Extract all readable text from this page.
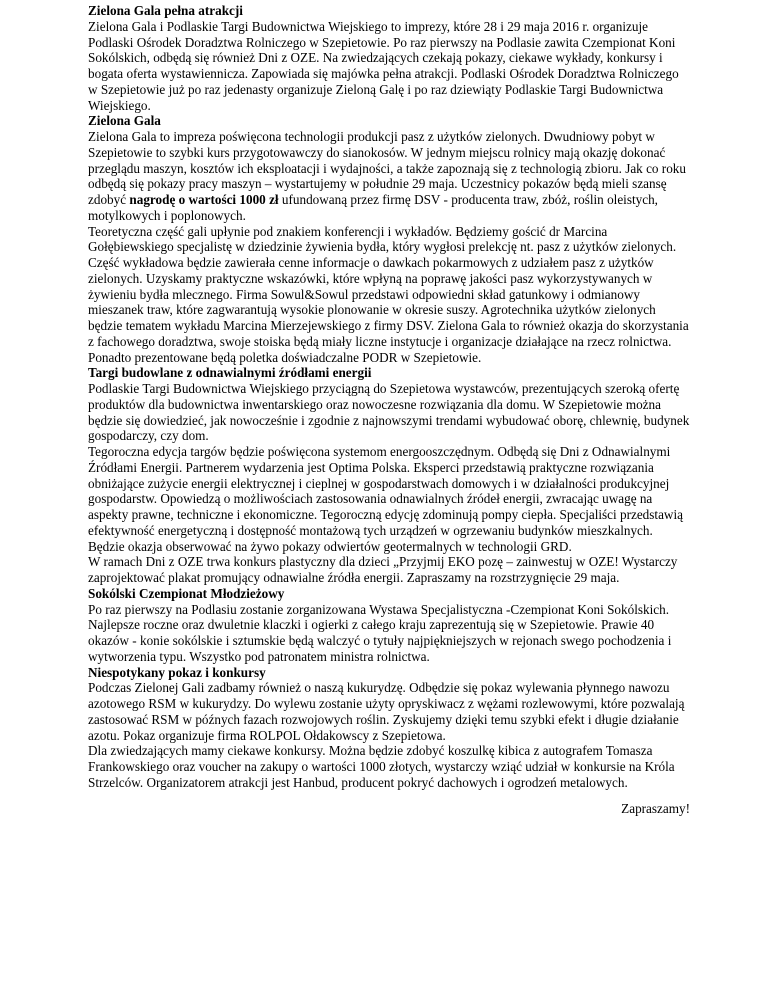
Zielona Gala pełna atrakcji

Zielona Gala i Podlaskie Targi Budownictwa Wiejskiego to imprezy, które 28 i 29 maja 2016 r. organizuje Podlaski Ośrodek Doradztwa Rolniczego w Szepietowie. Po raz pierwszy na Podlasie zawita Czempionat Koni Sokólskich, odbędą się również Dni z OZE. Na zwiedzających czekają pokazy, ciekawe wykłady, konkursy i bogata oferta wystawiennicza. Zapowiada się majówka pełna atrakcji. Podlaski Ośrodek Doradztwa Rolniczego w Szepietowie już po raz jedenasty organizuje Zieloną Galę i po raz dziewiąty Podlaskie Targi Budownictwa Wiejskiego.

Zielona Gala

Zielona Gala to impreza poświęcona technologii produkcji pasz z użytków zielonych. Dwudniowy pobyt w Szepietowie to szybki kurs przygotowawczy do sianokosów. W jednym miejscu rolnicy mają okazję dokonać przeglądu maszyn, kosztów ich eksploatacji i wydajności, a także zapoznają się z technologią zbioru. Jak co roku odbędą się pokazy pracy maszyn – wystartujemy w południe 29 maja. Uczestnicy pokazów będą mieli szansę zdobyć nagrodę o wartości 1000 zł ufundowaną przez firmę DSV - producenta traw, zbóż, roślin oleistych, motylkowych i poplonowych.

Teoretyczna część gali upłynie pod znakiem konferencji i wykładów. Będziemy gościć dr Marcina Gołębiewskiego specjalistę w dziedzinie żywienia bydła, który wygłosi prelekcję nt. pasz z użytków zielonych. Część wykładowa będzie zawierała cenne informacje o dawkach pokarmowych z udziałem pasz z użytków zielonych. Uzyskamy praktyczne wskazówki, które wpłyną na poprawę jakości pasz wykorzystywanych w żywieniu bydła mlecznego. Firma Sowul&Sowul przedstawi odpowiedni skład gatunkowy i odmianowy mieszanek traw, które zagwarantują wysokie plonowanie w okresie suszy. Agrotechnika użytków zielonych będzie tematem wykładu Marcina Mierzejewskiego z firmy DSV. Zielona Gala to również okazja do skorzystania z fachowego doradztwa, swoje stoiska będą miały liczne instytucje i organizacje działające na rzecz rolnictwa. Ponadto prezentowane będą poletka doświadczalne PODR w Szepietowie.

Targi budowlane z odnawialnymi źródłami energii

Podlaskie Targi Budownictwa Wiejskiego przyciągną do Szepietowa wystawców, prezentujących szeroką ofertę produktów dla budownictwa inwentarskiego oraz nowoczesne rozwiązania dla domu. W Szepietowie można będzie się dowiedzieć, jak nowocześnie i zgodnie z najnowszymi trendami wybudować oborę, chlewnię, budynek gospodarczy, czy dom.

Tegoroczna edycja targów będzie poświęcona systemom energooszczędnym. Odbędą się Dni z Odnawialnymi Źródłami Energii. Partnerem wydarzenia jest Optima Polska. Eksperci przedstawią praktyczne rozwiązania obniżające zużycie energii elektrycznej i cieplnej w gospodarstwach domowych i w działalności produkcyjnej gospodarstw. Opowiedzą o możliwościach zastosowania odnawialnych źródeł energii, zwracając uwagę na aspekty prawne, techniczne i ekonomiczne. Tegoroczną edycję zdominują pompy ciepła. Specjaliści przedstawią efektywność energetyczną i dostępność montażową tych urządzeń w ogrzewaniu budynków mieszkalnych. Będzie okazja obserwować na żywo pokazy odwiertów geotermalnych w technologii GRD.

W ramach Dni z OZE trwa konkurs plastyczny dla dzieci „Przyjmij EKO pozę – zainwestuj w OZE! Wystarczy zaprojektować plakat promujący odnawialne źródła energii. Zapraszamy na rozstrzygnięcie 29 maja.

Sokólski Czempionat Młodzieżowy

Po raz pierwszy na Podlasiu zostanie zorganizowana Wystawa Specjalistyczna -Czempionat Koni Sokólskich. Najlepsze roczne oraz dwuletnie klaczki i ogierki z całego kraju zaprezentują się w Szepietowie. Prawie 40 okazów - konie sokólskie i sztumskie będą walczyć o tytuły najpiękniejszych w rejonach swego pochodzenia i wytworzenia typu. Wszystko pod patronatem ministra rolnictwa.

Niespotykany pokaz i konkursy

Podczas Zielonej Gali zadbamy również o naszą kukurydzę. Odbędzie się pokaz wylewania płynnego nawozu azotowego RSM w kukurydzy. Do wylewu zostanie użyty opryskiwacz z wężami rozlewowymi, które pozwalają zastosować RSM w późnych fazach rozwojowych roślin. Zyskujemy dzięki temu szybki efekt i długie działanie azotu. Pokaz organizuje firma ROLPOL Ołdakowscy z Szepietowa.

Dla zwiedzających mamy ciekawe konkursy. Można będzie zdobyć koszulkę kibica z autografem Tomasza Frankowskiego oraz voucher na zakupy o wartości 1000 złotych, wystarczy wziąć udział w konkursie na Króla Strzelców. Organizatorem atrakcji jest Hanbud, producent pokryć dachowych i ogrodzeń metalowych.

Zapraszamy!
